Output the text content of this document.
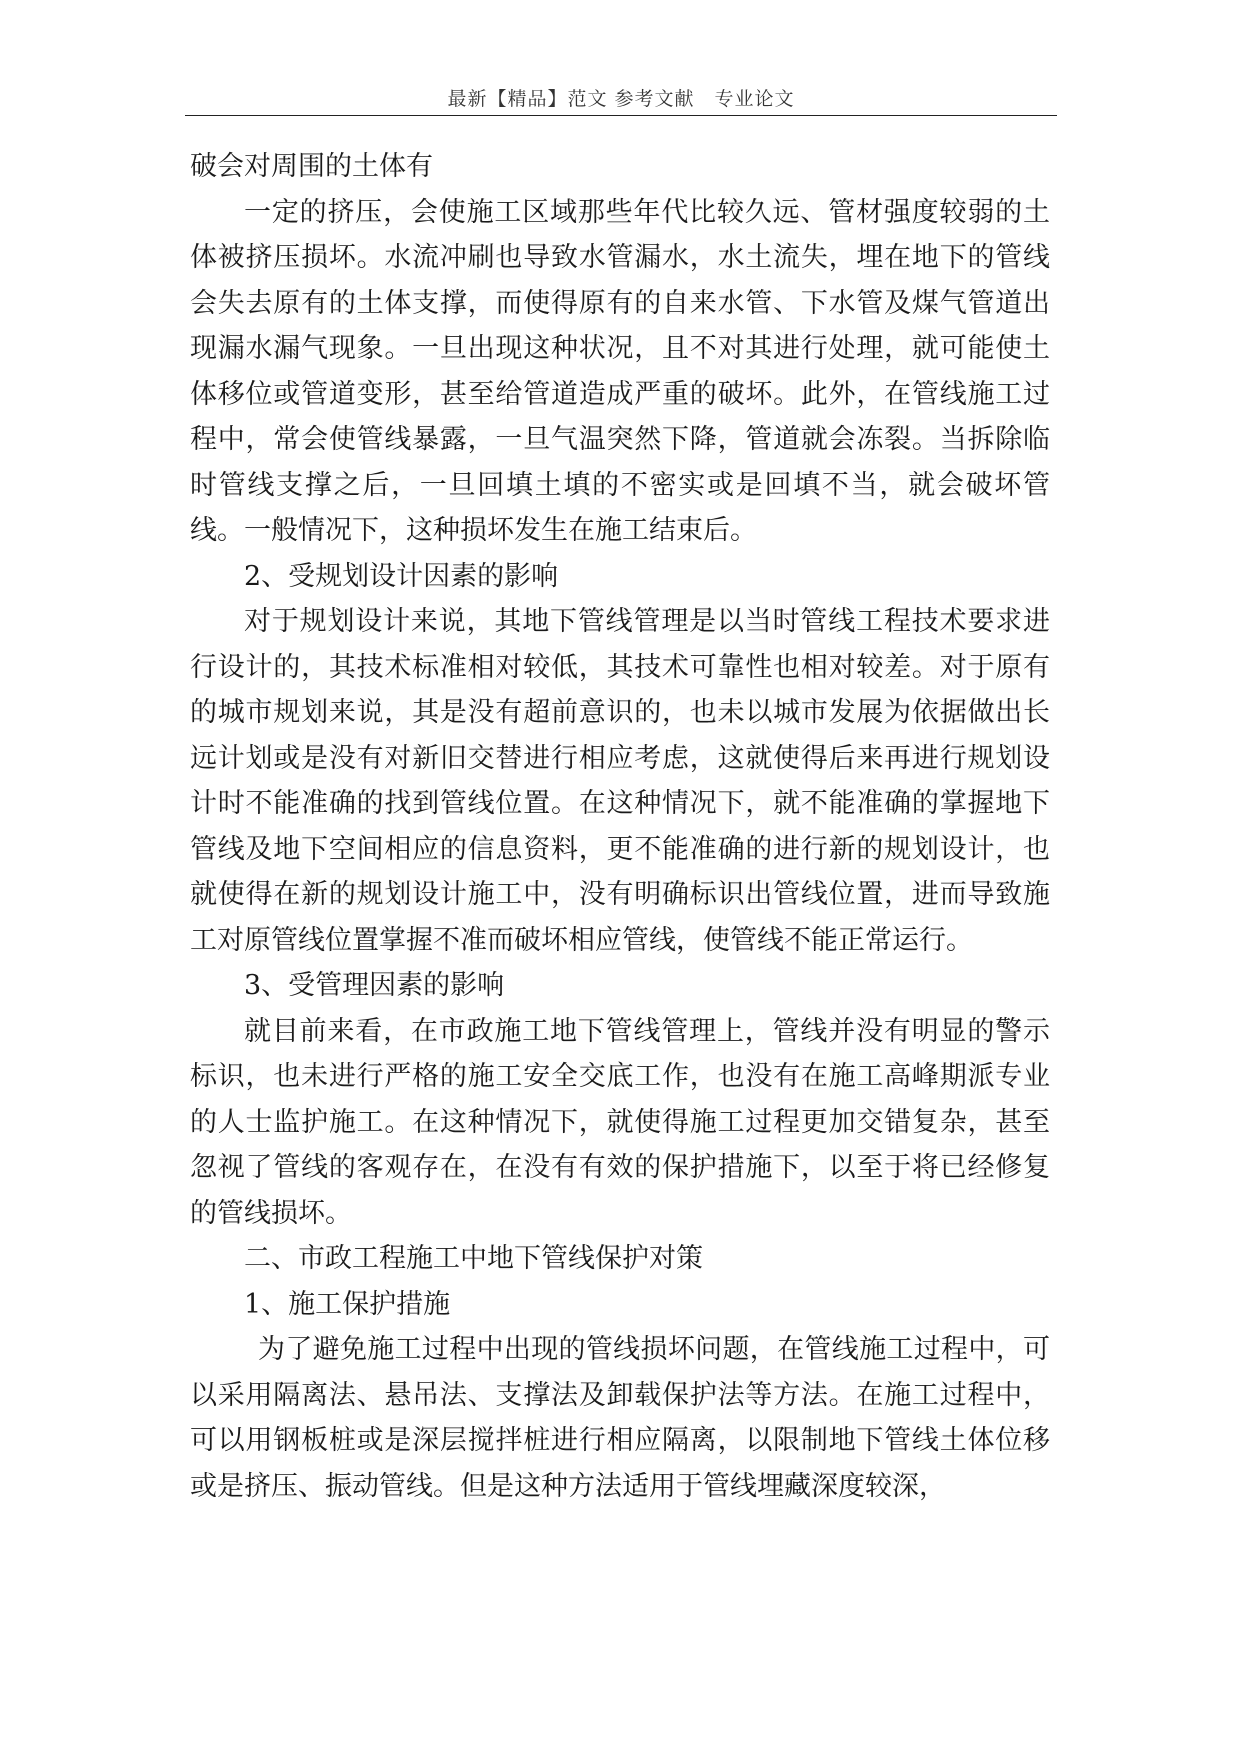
最新【精品】范文 参考文献　专业论文

破会对周围的土体有

一定的挤压，会使施工区域那些年代比较久远、管材强度较弱的土体被挤压损坏。水流冲刷也导致水管漏水，水土流失，埋在地下的管线会失去原有的土体支撑，而使得原有的自来水管、下水管及煤气管道出现漏水漏气现象。一旦出现这种状况，且不对其进行处理，就可能使土体移位或管道变形，甚至给管道造成严重的破坏。此外，在管线施工过程中，常会使管线暴露，一旦气温突然下降，管道就会冻裂。当拆除临时管线支撑之后，一旦回填土填的不密实或是回填不当，就会破坏管线。一般情况下，这种损坏发生在施工结束后。

2、受规划设计因素的影响

对于规划设计来说，其地下管线管理是以当时管线工程技术要求进行设计的，其技术标准相对较低，其技术可靠性也相对较差。对于原有的城市规划来说，其是没有超前意识的，也未以城市发展为依据做出长远计划或是没有对新旧交替进行相应考虑，这就使得后来再进行规划设计时不能准确的找到管线位置。在这种情况下，就不能准确的掌握地下管线及地下空间相应的信息资料，更不能准确的进行新的规划设计，也就使得在新的规划设计施工中，没有明确标识出管线位置，进而导致施工对原管线位置掌握不准而破坏相应管线，使管线不能正常运行。

3、受管理因素的影响

就目前来看，在市政施工地下管线管理上，管线并没有明显的警示标识，也未进行严格的施工安全交底工作，也没有在施工高峰期派专业的人士监护施工。在这种情况下，就使得施工过程更加交错复杂，甚至忽视了管线的客观存在，在没有有效的保护措施下，以至于将已经修复的管线损坏。

二、市政工程施工中地下管线保护对策

1、施工保护措施

为了避免施工过程中出现的管线损坏问题，在管线施工过程中，可以采用隔离法、悬吊法、支撑法及卸载保护法等方法。在施工过程中，可以用钢板桩或是深层搅拌桩进行相应隔离，以限制地下管线土体位移或是挤压、振动管线。但是这种方法适用于管线埋藏深度较深，
